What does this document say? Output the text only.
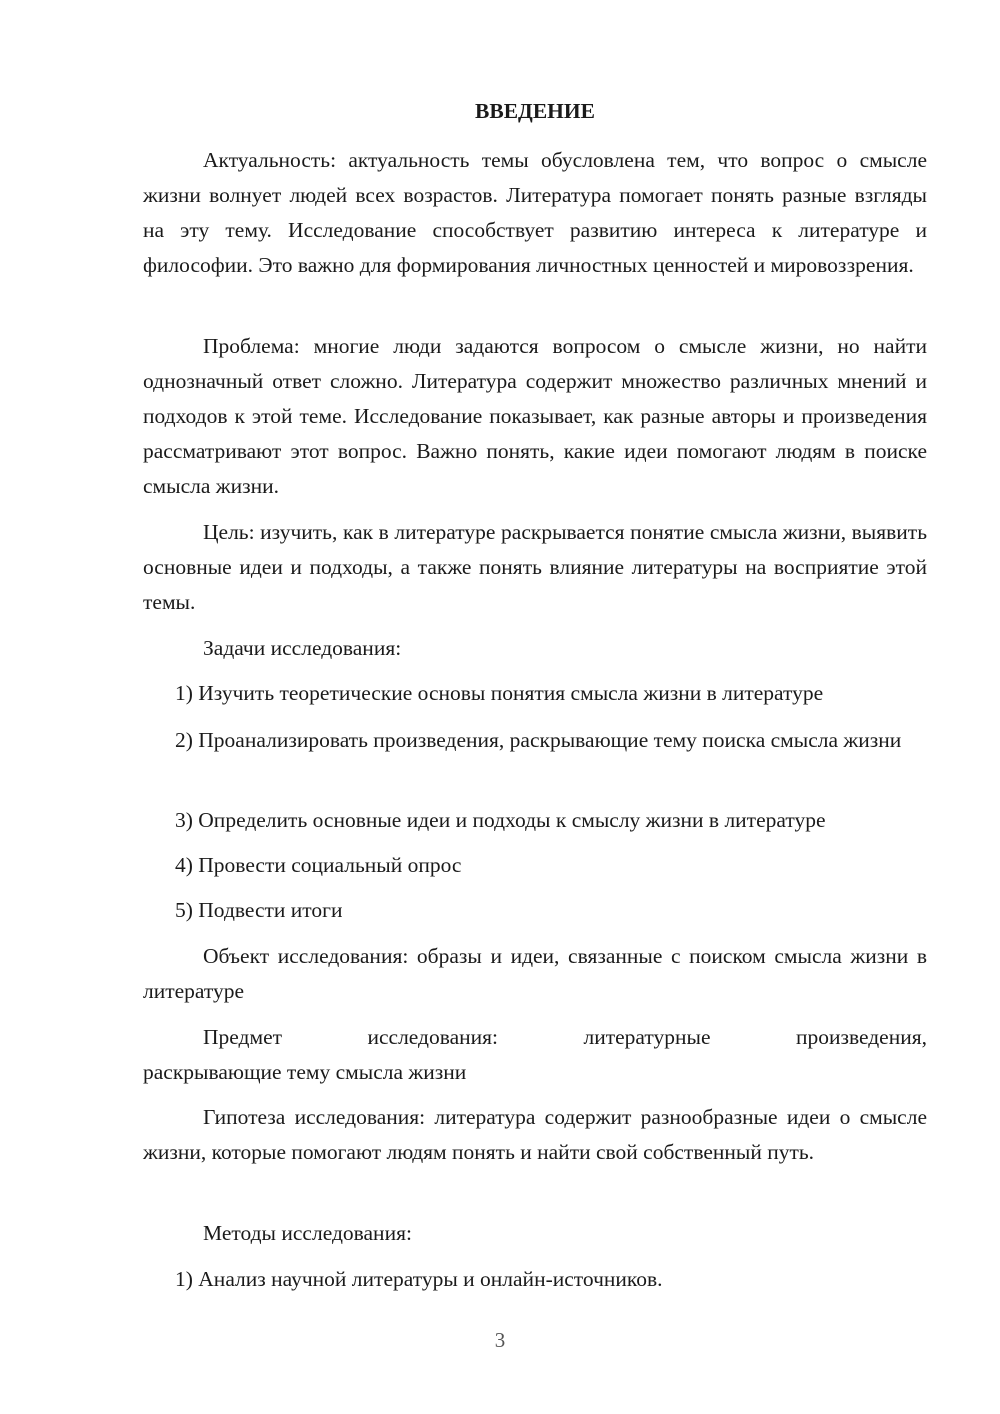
ВВЕДЕНИЕ

Актуальность: актуальность темы обусловлена тем, что вопрос о смысле жизни волнует людей всех возрастов. Литература помогает понять разные взгляды на эту тему. Исследование способствует развитию интереса к литературе и философии. Это важно для формирования личностных ценностей и мировоззрения.

Проблема: многие люди задаются вопросом о смысле жизни, но найти однозначный ответ сложно. Литература содержит множество различных мнений и подходов к этой теме. Исследование показывает, как разные авторы и произведения рассматривают этот вопрос. Важно понять, какие идеи помогают людям в поиске смысла жизни.

Цель: изучить, как в литературе раскрывается понятие смысла жизни, выявить основные идеи и подходы, а также понять влияние литературы на восприятие этой темы.

Задачи исследования:

1) Изучить теоретические основы понятия смысла жизни в литературе

2) Проанализировать произведения, раскрывающие тему поиска смысла жизни

3) Определить основные идеи и подходы к смыслу жизни в литературе

4) Провести социальный опрос

5) Подвести итоги

Объект исследования: образы и идеи, связанные с поиском смысла жизни в литературе

Предмет исследования: литературные произведения,

раскрывающие тему смысла жизни

Гипотеза исследования: литература содержит разнообразные идеи о смысле жизни, которые помогают людям понять и найти свой собственный путь.

Методы исследования:

1) Анализ научной литературы и онлайн-источников.

3
